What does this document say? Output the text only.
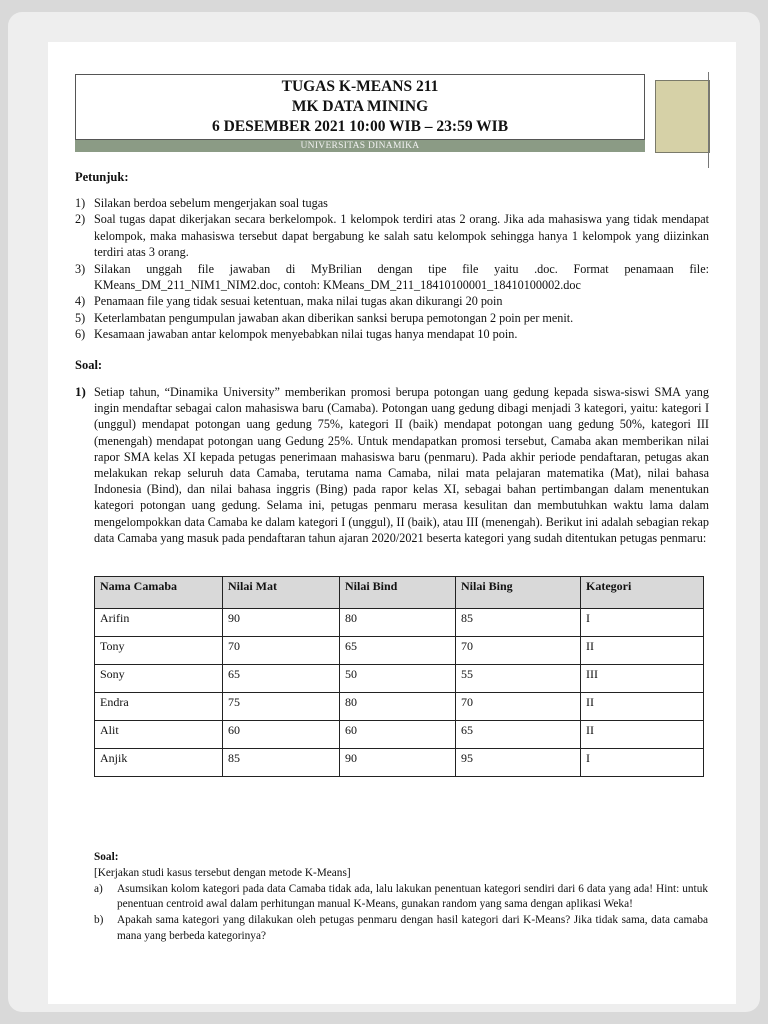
TUGAS K-MEANS 211
MK DATA MINING
6 DESEMBER 2021 10:00 WIB – 23:59 WIB
UNIVERSITAS DINAMIKA
Petunjuk:
1) Silakan berdoa sebelum mengerjakan soal tugas
2) Soal tugas dapat dikerjakan secara berkelompok. 1 kelompok terdiri atas 2 orang. Jika ada mahasiswa yang tidak mendapat kelompok, maka mahasiswa tersebut dapat bergabung ke salah satu kelompok sehingga hanya 1 kelompok yang diizinkan terdiri atas 3 orang.
3) Silakan unggah file jawaban di MyBrilian dengan tipe file yaitu .doc. Format penamaan file: KMeans_DM_211_NIM1_NIM2.doc, contoh: KMeans_DM_211_18410100001_18410100002.doc
4) Penamaan file yang tidak sesuai ketentuan, maka nilai tugas akan dikurangi 20 poin
5) Keterlambatan pengumpulan jawaban akan diberikan sanksi berupa pemotongan 2 poin per menit.
6) Kesamaan jawaban antar kelompok menyebabkan nilai tugas hanya mendapat 10 poin.
Soal:
1) Setiap tahun, “Dinamika University” memberikan promosi berupa potongan uang gedung kepada siswa-siswi SMA yang ingin mendaftar sebagai calon mahasiswa baru (Camaba). Potongan uang gedung dibagi menjadi 3 kategori, yaitu: kategori I (unggul) mendapat potongan uang gedung 75%, kategori II (baik) mendapat potongan uang gedung 50%, kategori III (menengah) mendapat potongan uang Gedung 25%. Untuk mendapatkan promosi tersebut, Camaba akan memberikan nilai rapor SMA kelas XI kepada petugas penerimaan mahasiswa baru (penmaru). Pada akhir periode pendaftaran, petugas akan melakukan rekap seluruh data Camaba, terutama nama Camaba, nilai mata pelajaran matematika (Mat), nilai bahasa Indonesia (Bind), dan nilai bahasa inggris (Bing) pada rapor kelas XI, sebagai bahan pertimbangan dalam menentukan kategori potongan uang gedung. Selama ini, petugas penmaru merasa kesulitan dan membutuhkan waktu lama dalam mengelompokkan data Camaba ke dalam kategori I (unggul), II (baik), atau III (menengah). Berikut ini adalah sebagian rekap data Camaba yang masuk pada pendaftaran tahun ajaran 2020/2021 beserta kategori yang sudah ditentukan petugas penmaru:
Nama Camaba	Nilai Mat	Nilai Bind	Nilai Bing	Kategori
Arifin	90	80	85	I
Tony	70	65	70	II
Sony	65	50	55	III
Endra	75	80	70	II
Alit	60	60	65	II
Anjik	85	90	95	I
Soal:
[Kerjakan studi kasus tersebut dengan metode K-Means]
a)	Asumsikan kolom kategori pada data Camaba tidak ada, lalu lakukan penentuan kategori sendiri dari 6 data yang ada! Hint: untuk penentuan centroid awal dalam perhitungan manual K-Means, gunakan random yang sama dengan aplikasi Weka!
b)	Apakah sama kategori yang dilakukan oleh petugas penmaru dengan hasil kategori dari K-Means? Jika tidak sama, data camaba mana yang berbeda kategorinya?
